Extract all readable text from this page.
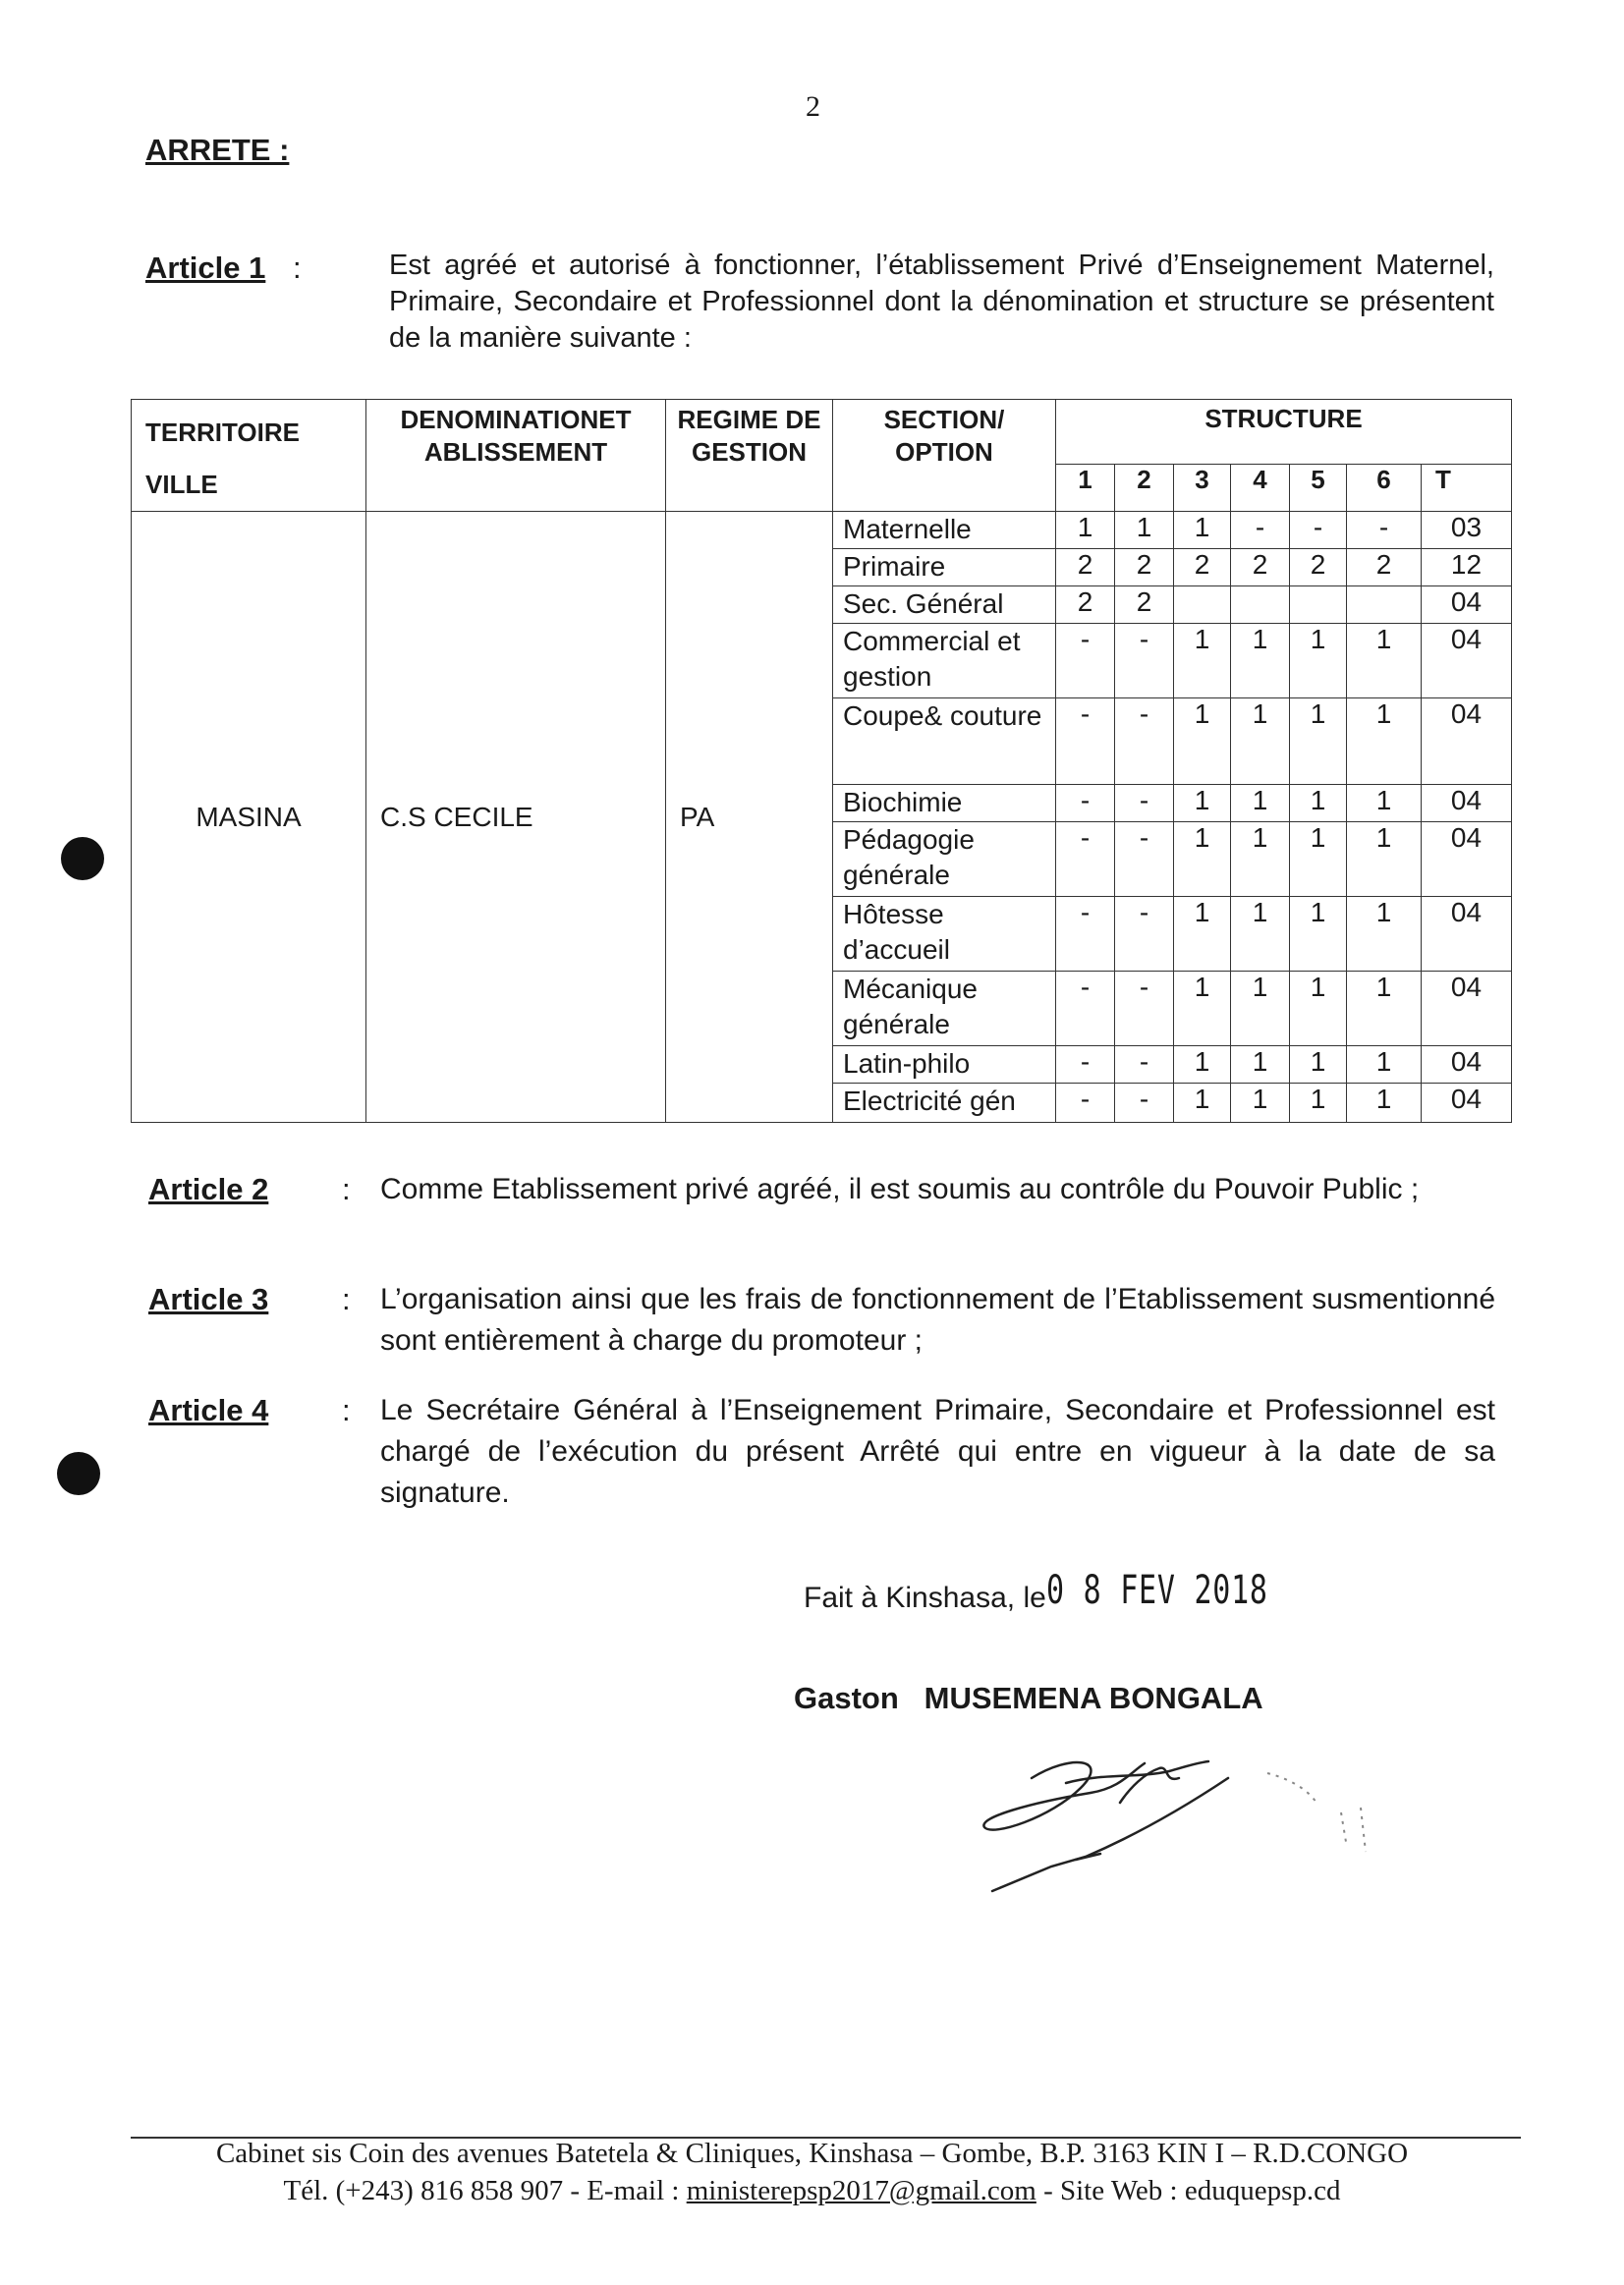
2
ARRETE :
Article 1 :	Est agréé et autorisé à fonctionner, l’établissement Privé d’Enseignement Maternel, Primaire, Secondaire et Professionnel dont la dénomination et structure se présentent de la manière suivante :
TERRITOIRE
VILLE	DENOMINATIONET ABLISSEMENT	REGIME DE GESTION	SECTION/ OPTION	STRUCTURE						
				1	2	3	4	5	6	T
MASINA	C.S CECILE	PA	Maternelle	1	1	1	-	-	-	03
			Primaire	2	2	2	2	2	2	12
			Sec. Général	2	2					04
			Commercial et gestion	-	-	1	1	1	1	04
			Coupe& couture	-	-	1	1	1	1	04
			Biochimie	-	-	1	1	1	1	04
			Pédagogie générale	-	-	1	1	1	1	04
			Hôtesse d’accueil	-	-	1	1	1	1	04
			Mécanique générale	-	-	1	1	1	1	04
			Latin-philo	-	-	1	1	1	1	04
			Electricité gén	-	-	1	1	1	1	04
Article 2 : Comme Etablissement privé agréé, il est soumis au contrôle du Pouvoir Public ;
Article 3 : L’organisation ainsi que les frais de fonctionnement de l’Etablissement susmentionné sont entièrement à charge du promoteur ;
Article 4 : Le Secrétaire Général à l’Enseignement Primaire, Secondaire et Professionnel est chargé de l’exécution du présent Arrêté qui entre en vigueur à la date de sa signature.
Fait à Kinshasa, le0 8 FEV 2018
Gaston   MUSEMENA BONGALA
Cabinet sis Coin des avenues Batetela & Cliniques, Kinshasa – Gombe, B.P. 3163 KIN I – R.D.CONGO
Tél. (+243) 816 858 907 - E-mail : ministerepsp2017@gmail.com - Site Web : eduquepsp.cd
